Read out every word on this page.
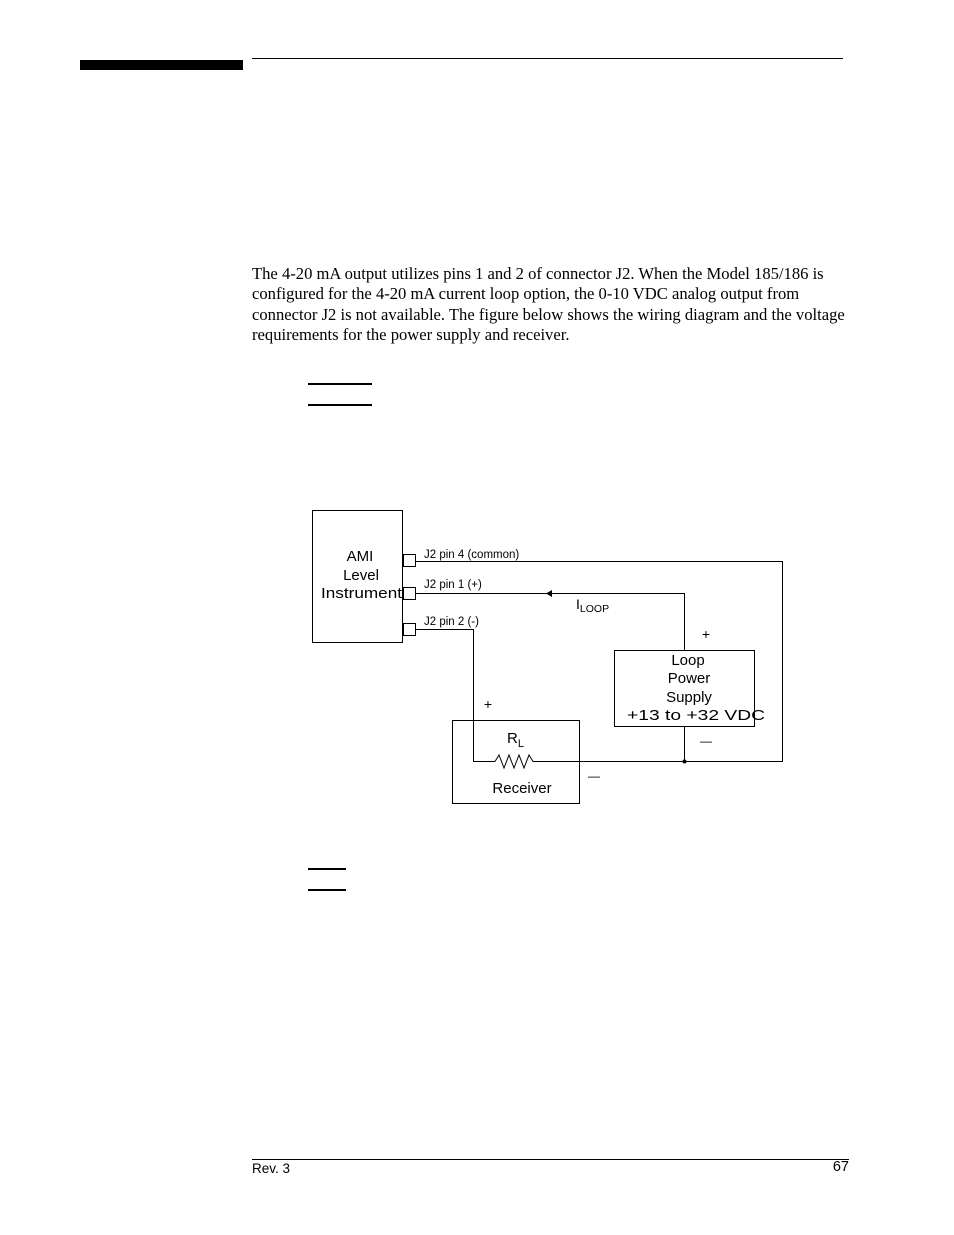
The 4-20 mA output utilizes pins 1 and 2 of connector J2. When the Model 185/186 is configured for the 4-20 mA current loop option, the 0-10 VDC analog output from connector J2 is not available. The figure below shows the wiring diagram and the voltage requirements for the power supply and receiver.

AMI
Level
Instrument
J2 pin 4 (common)
J2 pin 1 (+)
J2 pin 2 (-)
$I_{LOOP}$
Loop
Power
Supply
+13 to +32 VDC
+
—
+
—
$R_L$
Receiver
Rev. 3	67
